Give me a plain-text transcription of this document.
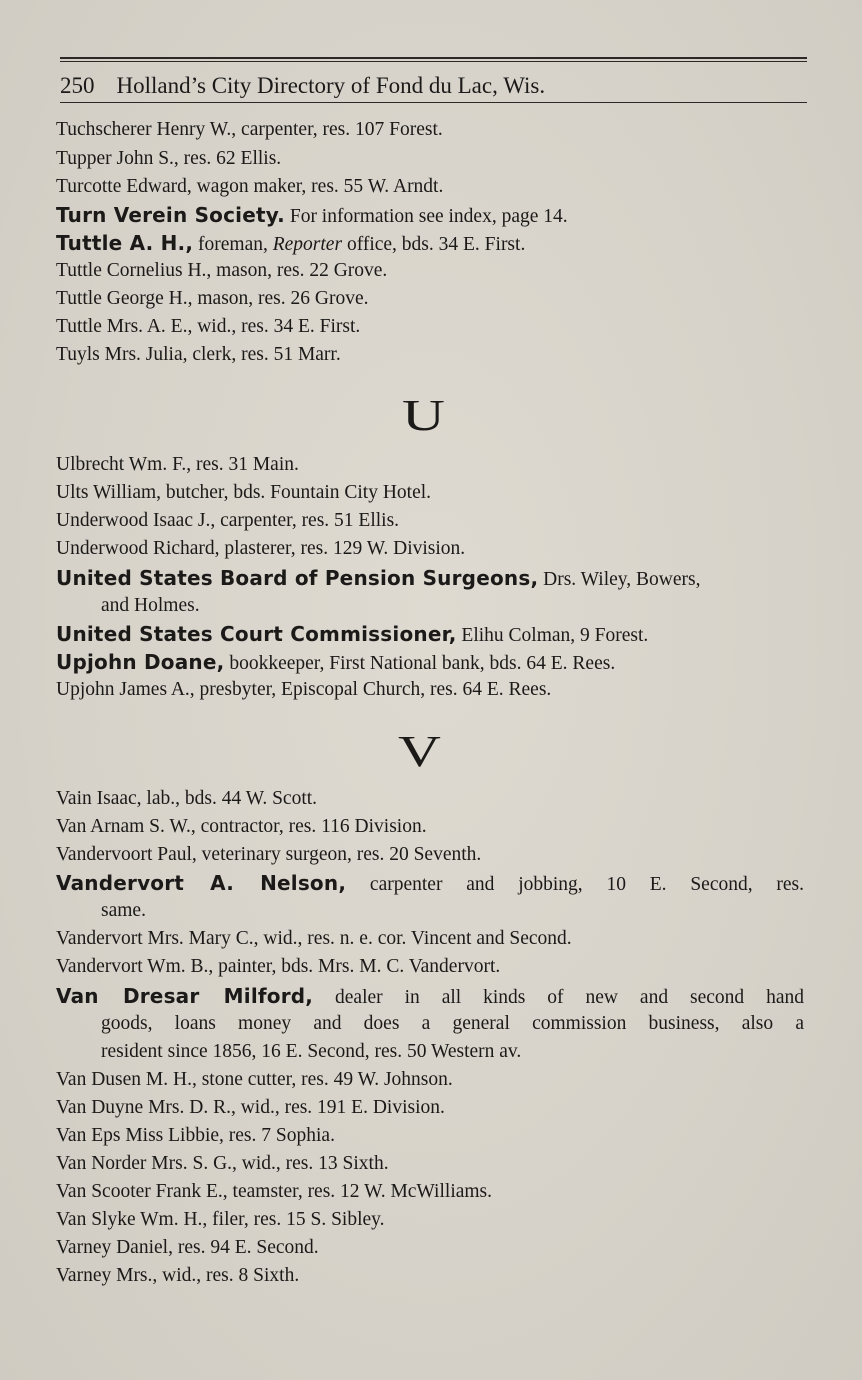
250 Holland’s City Directory of Fond du Lac, Wis.
Tuchscherer Henry W., carpenter, res. 107 Forest.
Tupper John S., res. 62 Ellis.
Turcotte Edward, wagon maker, res. 55 W. Arndt.
Turn Verein Society. For information see index, page 14.
Tuttle A. H., foreman, Reporter office, bds. 34 E. First.
Tuttle Cornelius H., mason, res. 22 Grove.
Tuttle George H., mason, res. 26 Grove.
Tuttle Mrs. A. E., wid., res. 34 E. First.
Tuyls Mrs. Julia, clerk, res. 51 Marr.
U
Ulbrecht Wm. F., res. 31 Main.
Ults William, butcher, bds. Fountain City Hotel.
Underwood Isaac J., carpenter, res. 51 Ellis.
Underwood Richard, plasterer, res. 129 W. Division.
United States Board of Pension Surgeons, Drs. Wiley, Bowers,
and Holmes.
United States Court Commissioner, Elihu Colman, 9 Forest.
Upjohn Doane, bookkeeper, First National bank, bds. 64 E. Rees.
Upjohn James A., presbyter, Episcopal Church, res. 64 E. Rees.
V
Vain Isaac, lab., bds. 44 W. Scott.
Van Arnam S. W., contractor, res. 116 Division.
Vandervoort Paul, veterinary surgeon, res. 20 Seventh.
Vandervort A. Nelson, carpenter and jobbing, 10 E. Second, res.
same.
Vandervort Mrs. Mary C., wid., res. n. e. cor. Vincent and Second.
Vandervort Wm. B., painter, bds. Mrs. M. C. Vandervort.
Van Dresar Milford, dealer in all kinds of new and second hand
goods, loans money and does a general commission business, also a
resident since 1856, 16 E. Second, res. 50 Western av.
Van Dusen M. H., stone cutter, res. 49 W. Johnson.
Van Duyne Mrs. D. R., wid., res. 191 E. Division.
Van Eps Miss Libbie, res. 7 Sophia.
Van Norder Mrs. S. G., wid., res. 13 Sixth.
Van Scooter Frank E., teamster, res. 12 W. McWilliams.
Van Slyke Wm. H., filer, res. 15 S. Sibley.
Varney Daniel, res. 94 E. Second.
Varney Mrs., wid., res. 8 Sixth.
